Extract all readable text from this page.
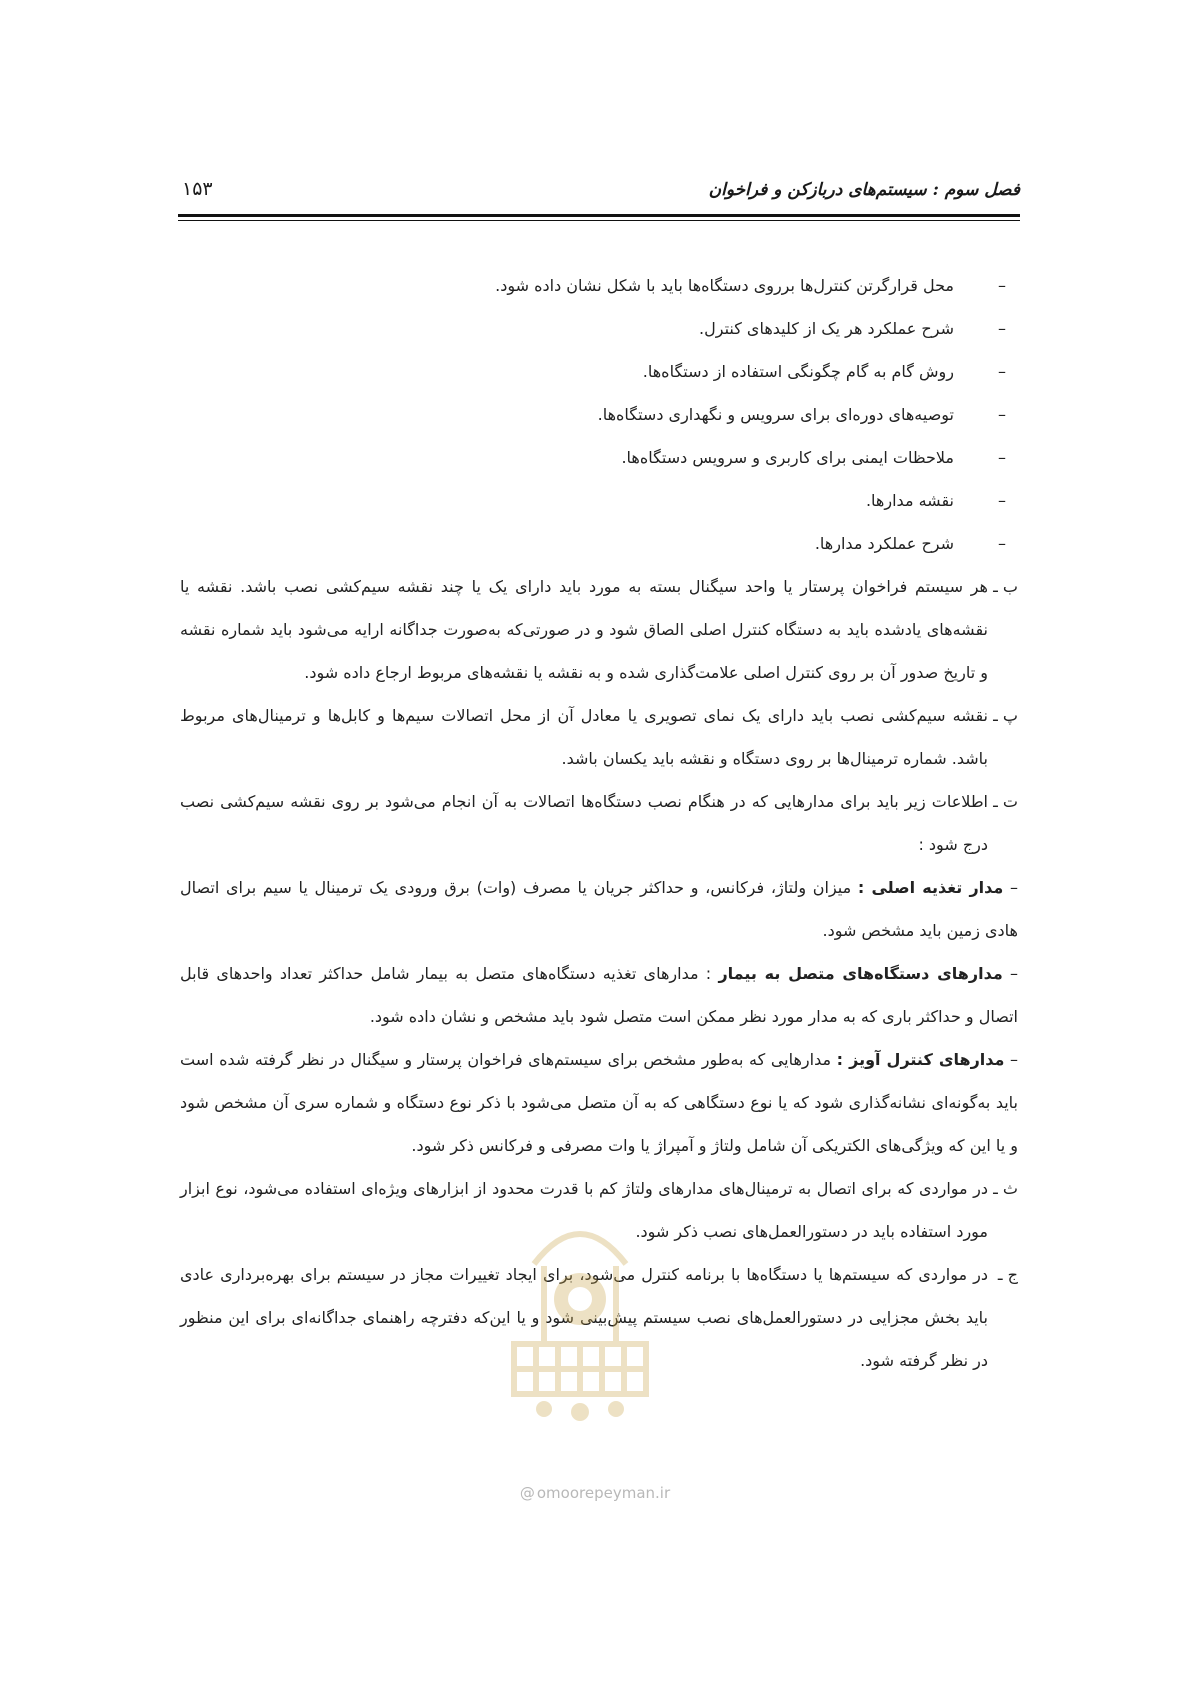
فصل سوم : سیستم‌های درباز‌کن و فراخوان
۱۵۳
–
محل قرارگرتن کنترل‌ها برروی دستگاه‌ها باید با شکل نشان داده شود.
–
شرح عملکرد هر یک از کلیدهای کنترل.
–
روش گام به گام چگونگی استفاده از دستگاه‌ها.
–
توصیه‌های دوره‌ای برای سرویس و نگهداری دستگاه‌ها.
–
ملاحظات ایمنی برای کاربری و سرویس دستگاه‌ها.
–
نقشه مدارها.
–
شرح عملکرد مدارها.
ب ـ
هر سیستم فراخوان پرستار یا واحد سیگنال بسته به مورد باید دارای یک یا چند نقشه سیم‌کشی نصب باشد. نقشه یا نقشه‌های یادشده باید به دستگاه کنترل اصلی الصاق شود و در صورتی‌که به‌صورت جداگانه ارایه می‌شود باید شماره نقشه و تاریخ صدور آن بر روی کنترل اصلی علامت‌گذاری شده و به نقشه یا نقشه‌های مربوط ارجاع داده شود.
پ ـ
نقشه سیم‌کشی نصب باید دارای یک نمای تصویری یا معادل آن از محل اتصالات سیم‌ها و کابل‌ها و ترمینال‌های مربوط باشد. شماره ترمینال‌ها بر روی دستگاه و نقشه باید یکسان باشد.
ت ـ
اطلاعات زیر باید برای مدارهایی که در هنگام نصب دستگاه‌ها اتصالات به آن انجام می‌شود بر روی نقشه سیم‌کشی نصب درج شود :
– مدار تغذیه اصلی : میزان ولتاژ، فرکانس، و حداکثر جریان یا مصرف (وات) برق ورودی یک ترمینال یا سیم برای اتصال هادی زمین باید مشخص شود.
– مدارهای دستگاه‌های متصل به بیمار : مدارهای تغذیه دستگاه‌های متصل به بیمار شامل حداکثر تعداد واحدهای قابل اتصال و حداکثر باری که به مدار مورد نظر ممکن است متصل شود باید مشخص و نشان داده شود.
– مدارهای کنترل آویز : مدارهایی که به‌طور مشخص برای سیستم‌های فراخوان پرستار و سیگنال در نظر گرفته شده است باید به‌گونه‌ای نشانه‌گذاری شود که یا نوع دستگاهی که به آن متصل می‌شود با ذکر نوع دستگاه و شماره سری آن مشخص شود و یا این که ویژگی‌های الکتریکی آن شامل ولتاژ و آمپراژ یا وات مصرفی و فرکانس ذکر شود.
ث ـ
در مواردی که برای اتصال به ترمینال‌های مدارهای ولتاژ کم با قدرت محدود از ابزارهای ویژه‌ای استفاده می‌شود، نوع ابزار مورد استفاده باید در دستورالعمل‌های نصب ذکر شود.
ج ـ
در مواردی که سیستم‌ها یا دستگاه‌ها با برنامه کنترل می‌شود، برای ایجاد تغییرات مجاز در سیستم برای بهره‌برداری عادی باید بخش مجزایی در دستورالعمل‌های نصب سیستم پیش‌بینی شود و یا این‌که دفترچه راهنمای جداگانه‌ای برای این منظور در نظر گرفته شود.
@ omoorepeyman.ir
